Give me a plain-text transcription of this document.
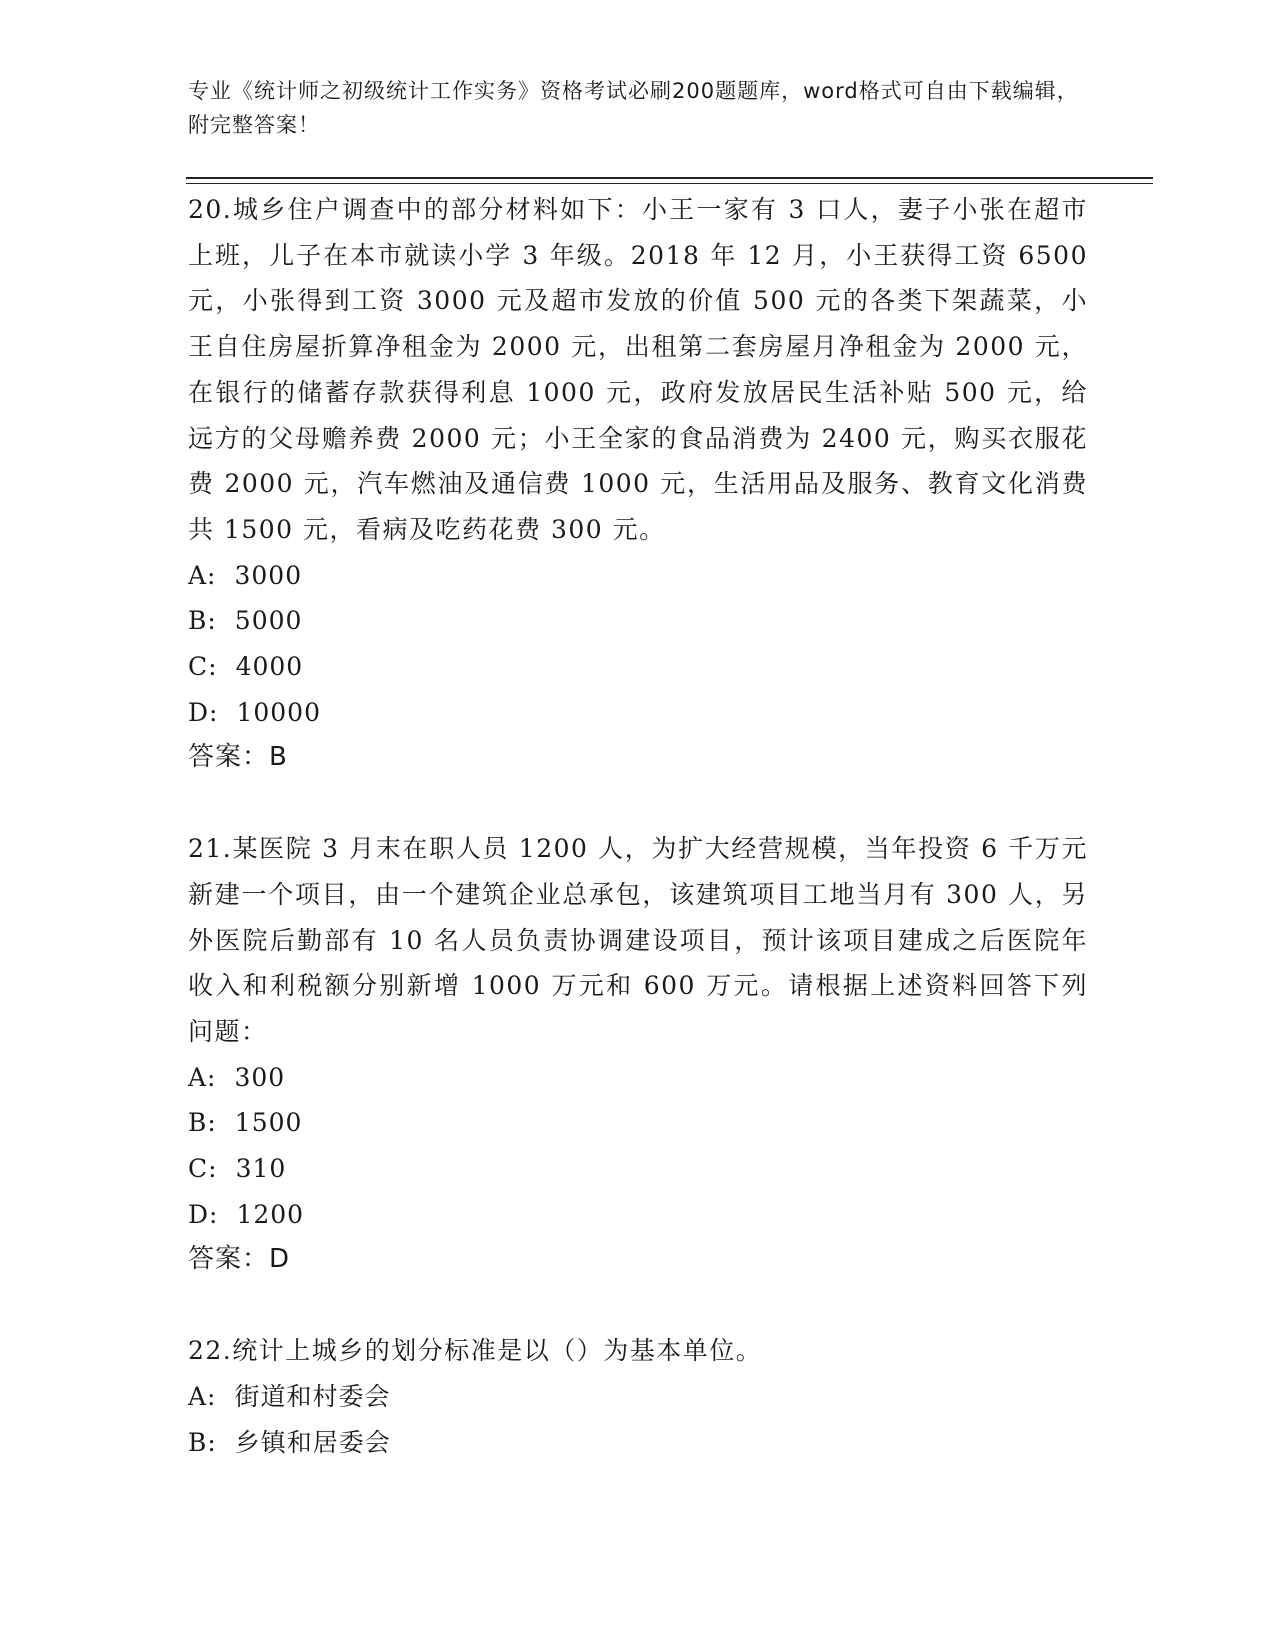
专业《统计师之初级统计工作实务》资格考试必刷200题题库，word格式可自由下载编辑，附完整答案！

20.城乡住户调查中的部分材料如下：小王一家有 3 口人，妻子小张在超市上班，儿子在本市就读小学 3 年级。2018 年 12 月，小王获得工资 6500 元，小张得到工资 3000 元及超市发放的价值 500 元的各类下架蔬菜，小王自住房屋折算净租金为 2000 元，出租第二套房屋月净租金为 2000 元，在银行的储蓄存款获得利息 1000 元，政府发放居民生活补贴 500 元，给远方的父母赡养费 2000 元；小王全家的食品消费为 2400 元，购买衣服花费 2000 元，汽车燃油及通信费 1000 元，生活用品及服务、教育文化消费共 1500 元，看病及吃药花费 300 元。

A: 3000
B: 5000
C: 4000
D: 10000

答案：B

21.某医院 3 月末在职人员 1200 人，为扩大经营规模，当年投资 6 千万元新建一个项目，由一个建筑企业总承包，该建筑项目工地当月有 300 人，另外医院后勤部有 10 名人员负责协调建设项目，预计该项目建成之后医院年收入和利税额分别新增 1000 万元和 600 万元。请根据上述资料回答下列问题：

A: 300
B: 1500
C: 310
D: 1200

答案：D

22.统计上城乡的划分标准是以（）为基本单位。

A: 街道和村委会
B: 乡镇和居委会
